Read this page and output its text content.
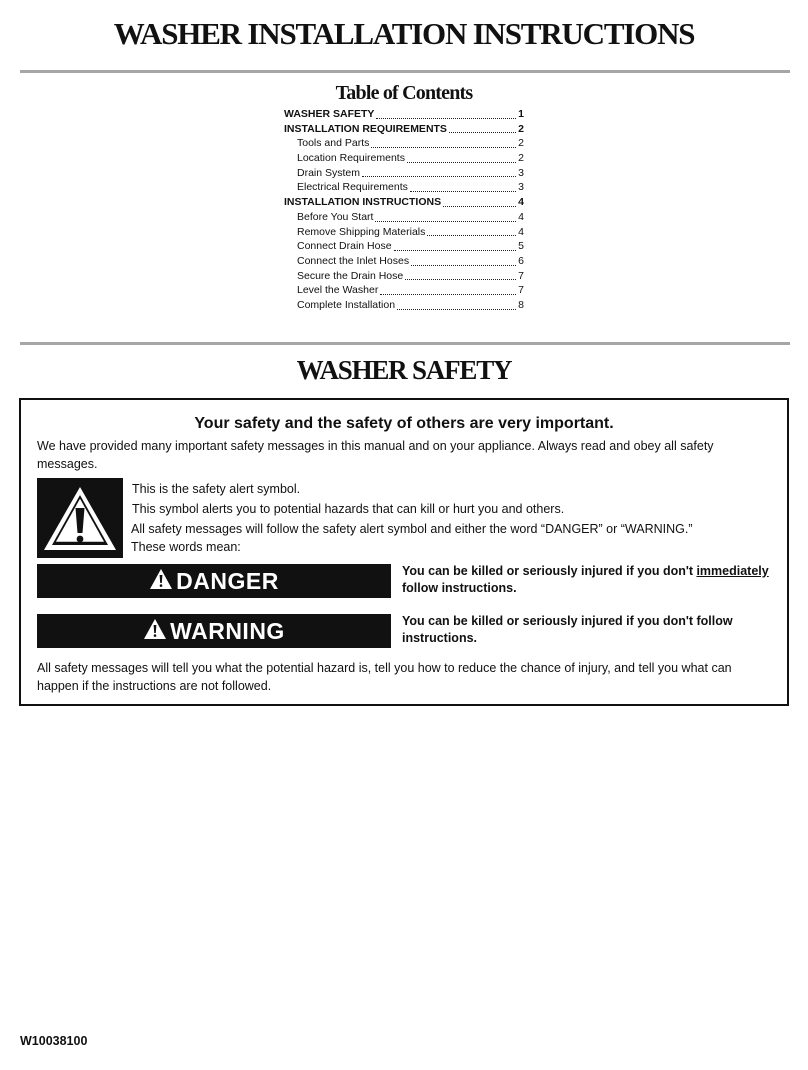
WASHER INSTALLATION INSTRUCTIONS
Table of Contents
WASHER SAFETY	1
INSTALLATION REQUIREMENTS	2
Tools and Parts	2
Location Requirements	2
Drain System	3
Electrical Requirements	3
INSTALLATION INSTRUCTIONS	4
Before You Start	4
Remove Shipping Materials	4
Connect Drain Hose	5
Connect the Inlet Hoses	6
Secure the Drain Hose	7
Level the Washer	7
Complete Installation	8
WASHER SAFETY
Your safety and the safety of others are very important.
We have provided many important safety messages in this manual and on your appliance. Always read and obey all safety messages.
This is the safety alert symbol.
This symbol alerts you to potential hazards that can kill or hurt you and others.
All safety messages will follow the safety alert symbol and either the word “DANGER” or “WARNING.”
These words mean:
DANGER	You can be killed or seriously injured if you don't immediately follow instructions.
WARNING	You can be killed or seriously injured if you don't follow instructions.
All safety messages will tell you what the potential hazard is, tell you how to reduce the chance of injury, and tell you what can happen if the instructions are not followed.
W10038100
